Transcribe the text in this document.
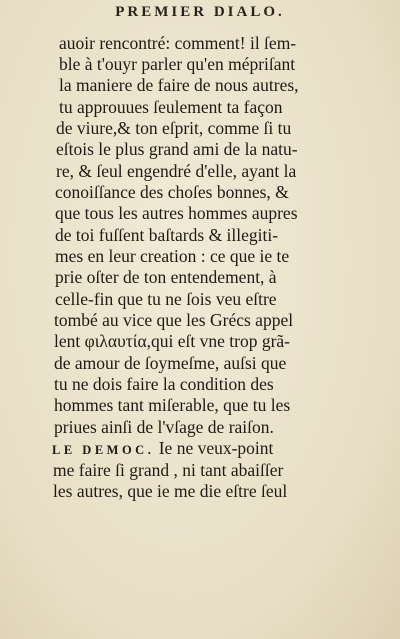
PREMIER DIALO.
auoir rencontré: comment! il ſem-
ble à t'ouyr parler qu'en mépriſant
la maniere de faire de nous autres,
tu approuues ſeulement ta façon
de viure,& ton eſprit, comme ſi tu
eſtois le plus grand ami de la natu-
re, & ſeul engendré d'elle, ayant la
conoiſſance des choſes bonnes, &
que tous les autres hommes aupres
de toi fuſſent baſtards & illegiti-
mes en leur creation : ce que ie te
prie oſter de ton entendement, à
celle-fin que tu ne ſois veu eſtre
tombé au vice que les Grécs appel
lent φιλαυτία,qui eſt vne trop grã-
de amour de ſoymeſme, auſsi que
tu ne dois faire la condition des
hommes tant miſerable, que tu les
priues ainſi de l'vſage de raiſon.
LE DEMOC. Ie ne veux-point
me faire ſi grand , ni tant abaiſſer
les autres, que ie me die eſtre ſeul
